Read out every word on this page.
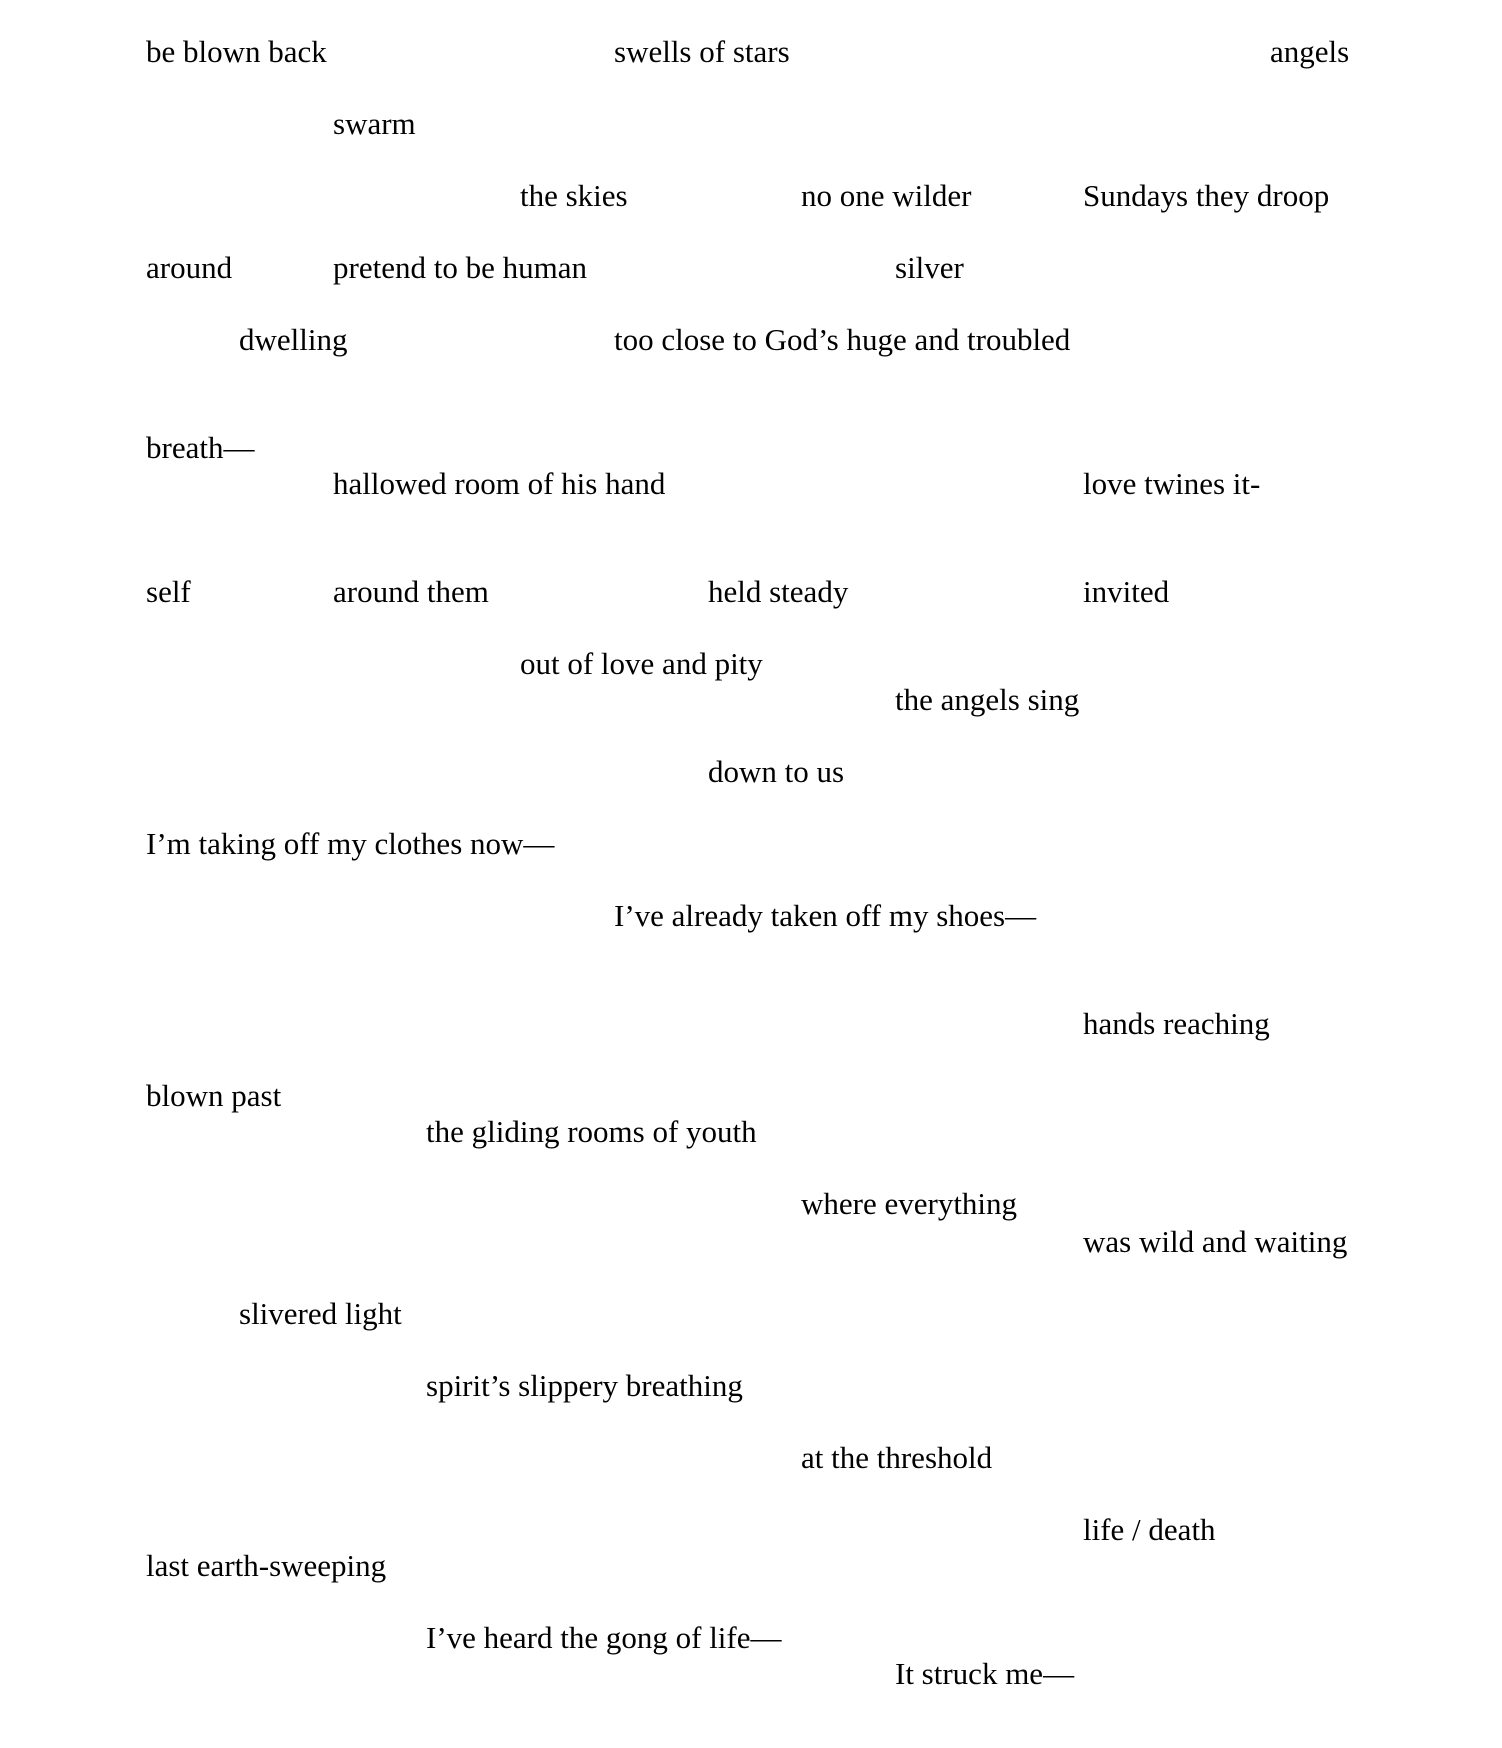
be blown back	swells of stars	angels
swarm
the skies	no one wilder	Sundays they droop
around	pretend to be human	silver
dwelling	too close to God’s huge and troubled
breath—
hallowed room of his hand	love twines it-
self	around them	held steady	invited
out of love and pity
the angels sing
down to us
I’m taking off my clothes now—
I’ve already taken off my shoes—
hands reaching
blown past
the gliding rooms of youth
where everything
was wild and waiting
slivered light
spirit’s slippery breathing
at the threshold
life / death
last earth-sweeping
I’ve heard the gong of life—
It struck me—
